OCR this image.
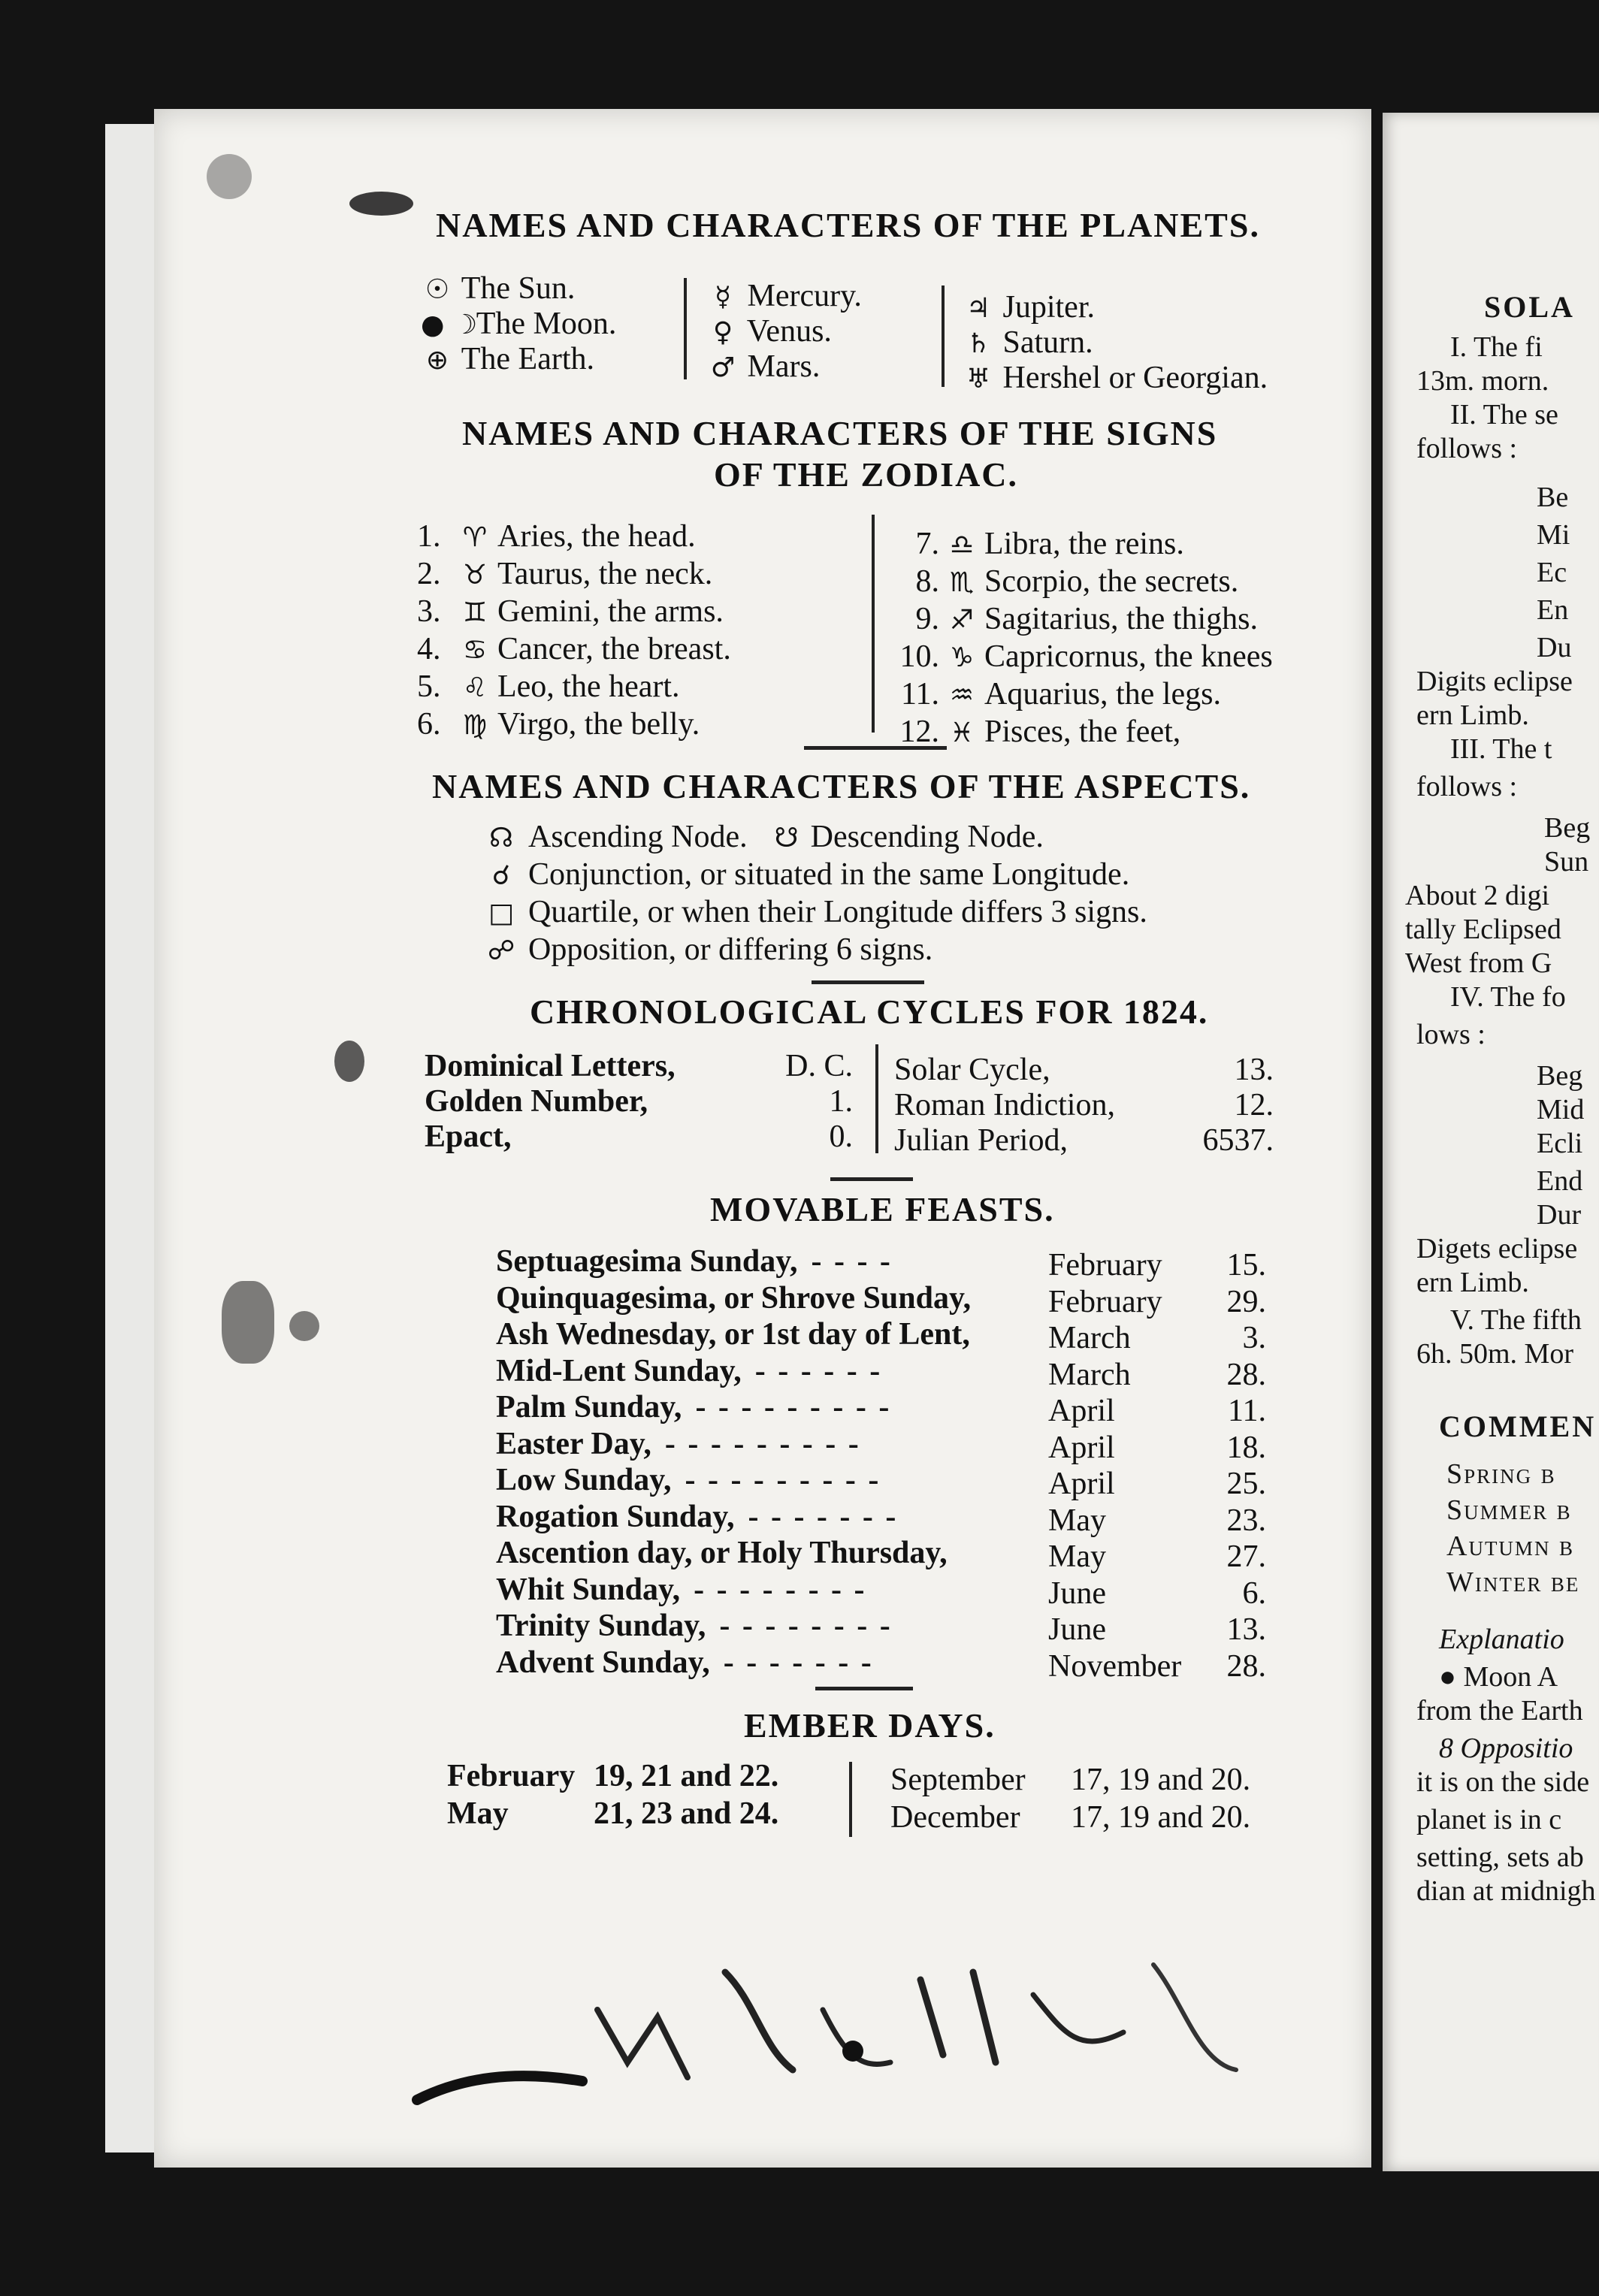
NAMES AND CHARACTERS OF THE PLANETS.
☉ The Sun.
● ☽ The Moon.
⊕ The Earth.
☿ Mercury.
♀ Venus.
♂ Mars.
♃ Jupiter.
♄ Saturn.
♅ Hershel or Georgian.
NAMES AND CHARACTERS OF THE SIGNS
OF THE ZODIAC.
NAMES AND CHARACTERS OF THE ASPECTS.
CHRONOLOGICAL CYCLES FOR 1824.
MOVABLE FEASTS.
EMBER DAYS.
1. ♈ Aries, the head.
2. ♉ Taurus, the neck.
3. ♊ Gemini, the arms.
4. ♋ Cancer, the breast.
5. ♌ Leo, the heart.
6. ♍ Virgo, the belly.
7. ♎ Libra, the reins.
8. ♏ Scorpio, the secrets.
9. ♐ Sagitarius, the thighs.
10. ♑ Capricornus, the knees
11. ♒ Aquarius, the legs.
12. ♓ Pisces, the feet,
☊ Ascending Node. ☋ Descending Node.
☌ Conjunction, or situated in the same Longitude.
□ Quartile, or when their Longitude differs 3 signs.
☍ Opposition, or differing 6 signs.
Dominical Letters,	D. C.
Golden Number,	1.
Epact,	0.
Solar Cycle,	13.
Roman Indiction,	12.
Julian Period,	6537.
Septuagesima Sunday, - - - -	February	15.
Quinquagesima, or Shrove Sunday, February	29.
Ash Wednesday, or 1st day of Lent, March	3.
Mid-Lent Sunday, - - - - - -	March	28.
Palm Sunday, - - - - - - - - -	April	11.
Easter Day, - - - - - - - - -	April	18.
Low Sunday, - - - - - - - - -	April	25.
Rogation Sunday, - - - - - - -	May	23.
Ascention day, or Holy Thursday,	May	27.
Whit Sunday, - - - - - - - -	June	6.
Trinity Sunday, - - - - - - - -	June	13.
Advent Sunday, - - - - - - -	November	28.
February 19, 21 and 22.
May	21, 23 and 24.
September 17, 19 and 20.
December 17, 19 and 20.
SOLA
I. The fi
13m. morn.
II. The se
follows :
Be
Mi
Ec
En
Du
Digits eclipse
ern Limb.
III. The t
follows :
Beg
Sun
About 2 digi
tally Eclipsed
West from G
IV. The fo
lows :
Beg
Mid
Ecli
End
Dur
Digets eclipse
ern Limb.
V. The fifth
6h. 50m. Mor
COMMEN
Spring b
Summer b
Autumn b
Winter be
Explanatio
● Moon A
from the Earth
8 Oppositio
it is on the side
planet is in c
setting, sets ab
dian at midnigh
